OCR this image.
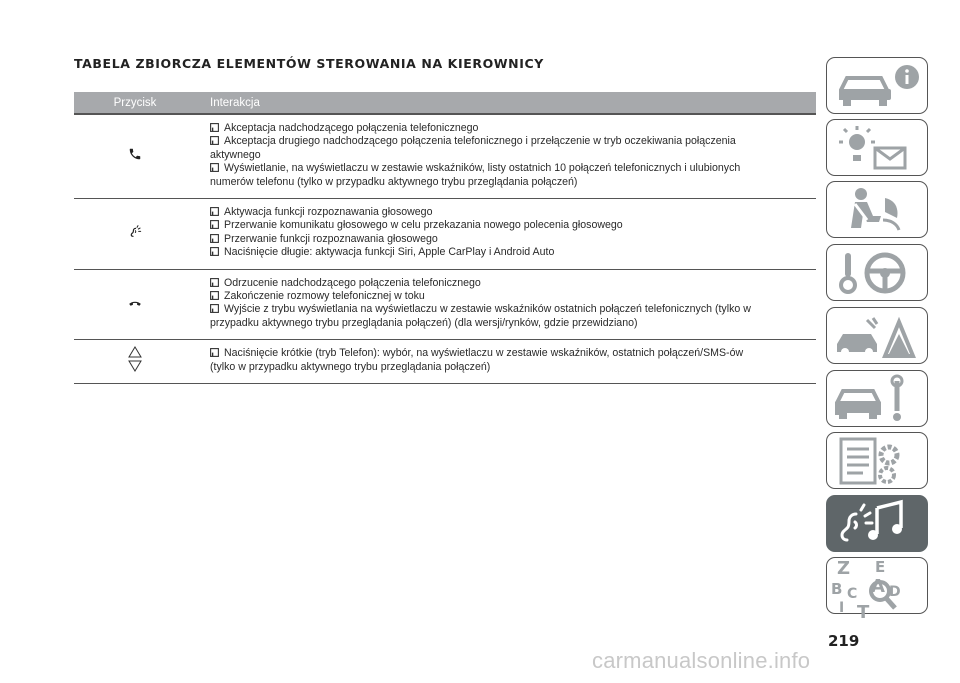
TABELA ZBIORCZA ELEMENTÓW STEROWANIA NA KIEROWNICY
Przycisk	Interakcja
Akceptacja nadchodzącego połączenia telefonicznego
Akceptacja drugiego nadchodzącego połączenia telefonicznego i przełączenie w tryb oczekiwania połączenia
aktywnego
Wyświetlanie, na wyświetlaczu w zestawie wskaźników, listy ostatnich 10 połączeń telefonicznych i ulubionych
numerów telefonu (tylko w przypadku aktywnego trybu przeglądania połączeń)
Aktywacja funkcji rozpoznawania głosowego
Przerwanie komunikatu głosowego w celu przekazania nowego polecenia głosowego
Przerwanie funkcji rozpoznawania głosowego
Naciśnięcie długie: aktywacja funkcji Siri, Apple CarPlay i Android Auto
Odrzucenie nadchodzącego połączenia telefonicznego
Zakończenie rozmowy telefonicznej w toku
Wyjście z trybu wyświetlania na wyświetlaczu w zestawie wskaźników ostatnich połączeń telefonicznych (tylko w
przypadku aktywnego trybu przeglądania połączeń) (dla wersji/rynków, gdzie przewidziano)
Naciśnięcie krótkie (tryb Telefon): wybór, na wyświetlaczu w zestawie wskaźników, ostatnich połączeń/SMS-ów
(tylko w przypadku aktywnego trybu przeglądania połączeń)
Z E
A
B C D
I T
219
carmanualsonline.info
